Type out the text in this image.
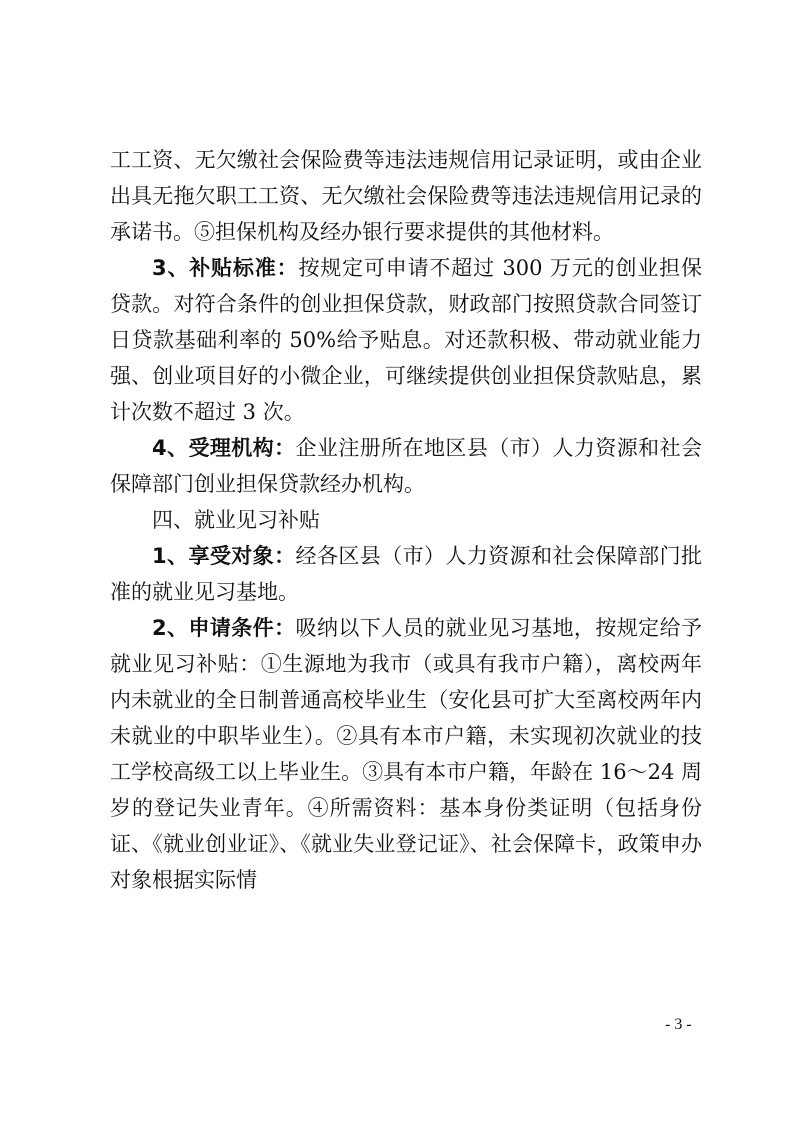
工工资、无欠缴社会保险费等违法违规信用记录证明，或由企业出具无拖欠职工工资、无欠缴社会保险费等违法违规信用记录的承诺书。⑤担保机构及经办银行要求提供的其他材料。

3、补贴标准：按规定可申请不超过 300 万元的创业担保贷款。对符合条件的创业担保贷款，财政部门按照贷款合同签订日贷款基础利率的 50%给予贴息。对还款积极、带动就业能力强、创业项目好的小微企业，可继续提供创业担保贷款贴息，累计次数不超过 3 次。

4、受理机构：企业注册所在地区县（市）人力资源和社会保障部门创业担保贷款经办机构。

四、就业见习补贴

1、享受对象：经各区县（市）人力资源和社会保障部门批准的就业见习基地。

2、申请条件：吸纳以下人员的就业见习基地，按规定给予就业见习补贴：①生源地为我市（或具有我市户籍），离校两年内未就业的全日制普通高校毕业生（安化县可扩大至离校两年内未就业的中职毕业生）。②具有本市户籍，未实现初次就业的技工学校高级工以上毕业生。③具有本市户籍，年龄在 16～24 周岁的登记失业青年。④所需资料：基本身份类证明（包括身份证、《就业创业证》、《就业失业登记证》、社会保障卡，政策申办对象根据实际情

- 3 -
